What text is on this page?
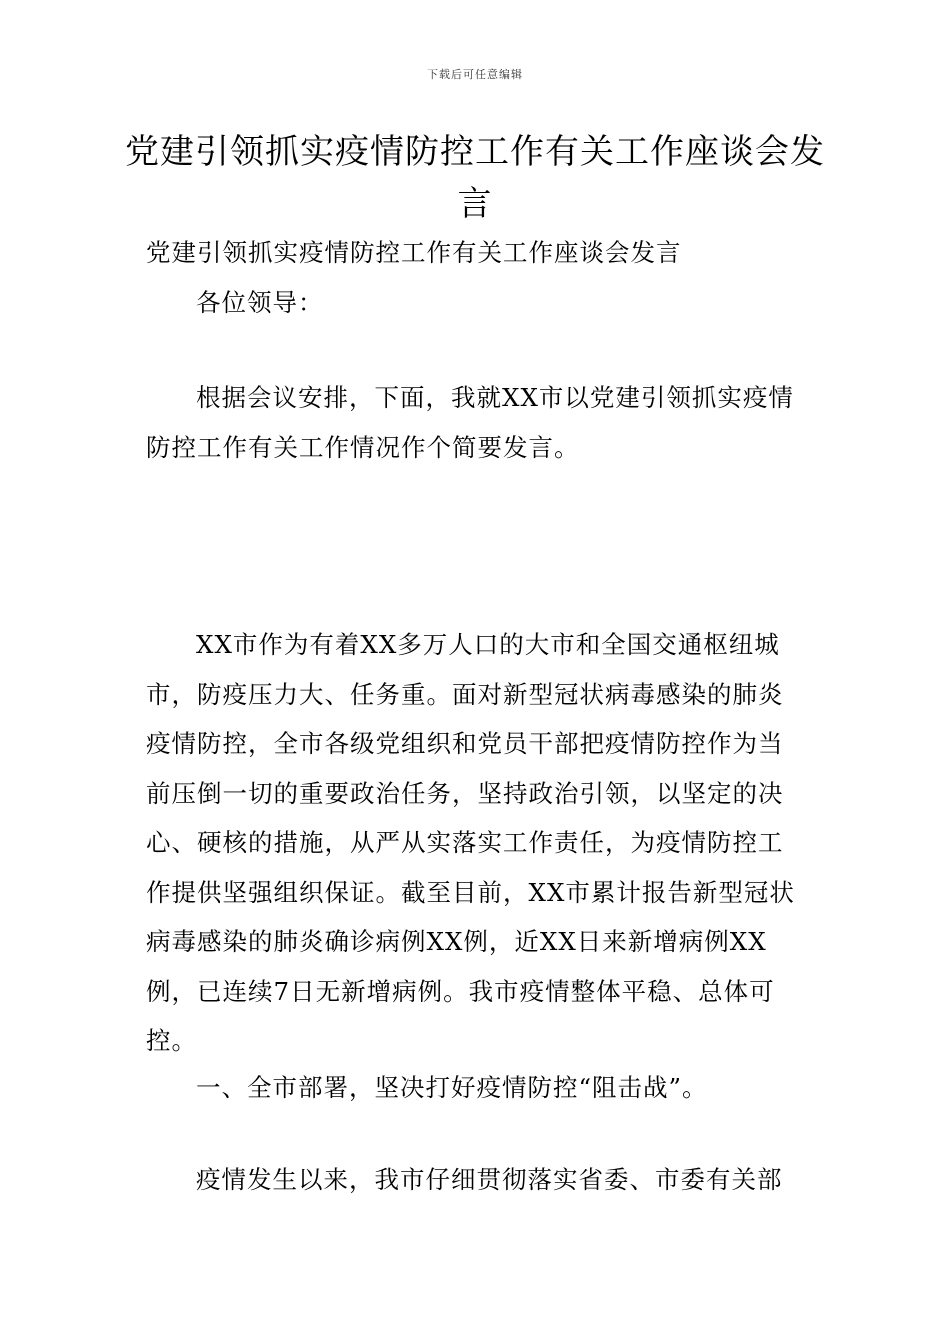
下载后可任意编辑
党建引领抓实疫情防控工作有关工作座谈会发言
党建引领抓实疫情防控工作有关工作座谈会发言
各位领导：
根据会议安排，下面，我就XX市以党建引领抓实疫情防控工作有关工作情况作个简要发言。
XX市作为有着XX多万人口的大市和全国交通枢纽城市，防疫压力大、任务重。面对新型冠状病毒感染的肺炎疫情防控，全市各级党组织和党员干部把疫情防控作为当前压倒一切的重要政治任务，坚持政治引领，以坚定的决心、硬核的措施，从严从实落实工作责任，为疫情防控工作提供坚强组织保证。截至目前，XX市累计报告新型冠状病毒感染的肺炎确诊病例XX例，近XX日来新增病例XX例，已连续7日无新增病例。我市疫情整体平稳、总体可控。
一、全市部署，坚决打好疫情防控“阻击战”。
疫情发生以来，我市仔细贯彻落实省委、市委有关部
